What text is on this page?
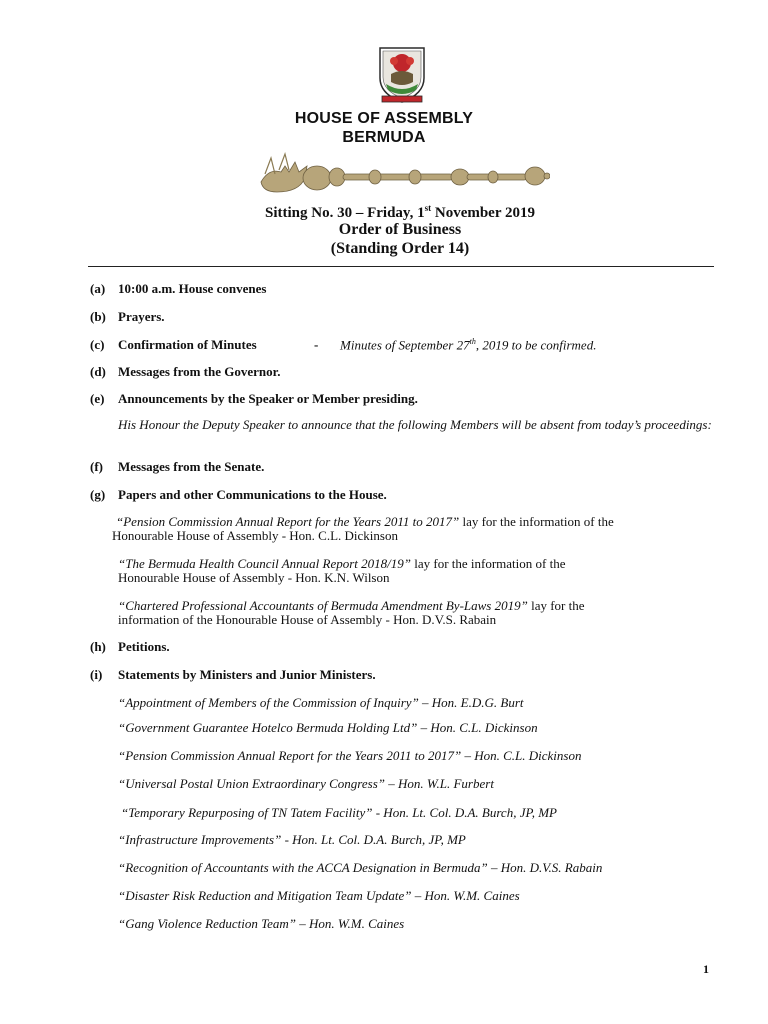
HOUSE OF ASSEMBLY
BERMUDA
Sitting No. 30 – Friday, 1st November 2019
Order of Business
(Standing Order 14)
(a) 10:00 a.m. House convenes
(b) Prayers.
(c) Confirmation of Minutes	- Minutes of September 27th, 2019 to be confirmed.
(d) Messages from the Governor.
(e) Announcements by the Speaker or Member presiding.
His Honour the Deputy Speaker to announce that the following Members will be absent from today’s proceedings:
(f) Messages from the Senate.
(g) Papers and other Communications to the House.
“Pension Commission Annual Report for the Years 2011 to 2017” lay for the information of the
Honourable House of Assembly - Hon. C.L. Dickinson
“The Bermuda Health Council Annual Report 2018/19” lay for the information of the
Honourable House of Assembly - Hon. K.N. Wilson
“Chartered Professional Accountants of Bermuda Amendment By-Laws 2019” lay for the
information of the Honourable House of Assembly - Hon. D.V.S. Rabain
(h) Petitions.
(i) Statements by Ministers and Junior Ministers.
“Appointment of Members of the Commission of Inquiry” – Hon. E.D.G. Burt
“Government Guarantee Hotelco Bermuda Holding Ltd” – Hon. C.L. Dickinson
“Pension Commission Annual Report for the Years 2011 to 2017” – Hon. C.L. Dickinson
“Universal Postal Union Extraordinary Congress” – Hon. W.L. Furbert
“Temporary Repurposing of TN Tatem Facility” - Hon. Lt. Col. D.A. Burch, JP, MP
“Infrastructure Improvements” - Hon. Lt. Col. D.A. Burch, JP, MP
“Recognition of Accountants with the ACCA Designation in Bermuda” – Hon. D.V.S. Rabain
“Disaster Risk Reduction and Mitigation Team Update” – Hon. W.M. Caines
“Gang Violence Reduction Team” – Hon. W.M. Caines
1
